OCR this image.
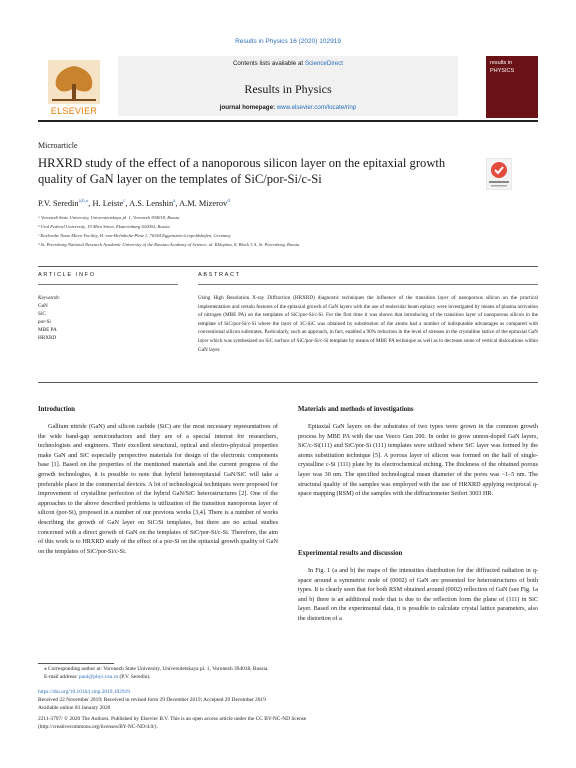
Results in Physics 16 (2020) 102919
ELSEVIER
Contents lists available at ScienceDirect
Results in Physics
journal homepage: www.elsevier.com/locate/rinp
results in
PHYSICS
Microarticle
HRXRD study of the effect of a nanoporous silicon layer on the epitaxial growth quality of GaN layer on the templates of SiC/por-Si/c-Si
P.V. Seredin$^{a,b,⁎}$, H. Leiste$^c$, A.S. Lenshin$^a$, A.M. Mizerov$^d$
ᵃ Voronezh State University, Universitetskaya pl. 1, Voronezh 394018, Russia
ᵇ Ural Federal University, 19 Mira Street, Ekaterinburg 620002, Russia
ᶜ Karlsruhe Nano Micro Facility, H.-von-Helmholtz-Platz 1, 76344 Eggenstein-Leopoldshafen, Germany
ᵈ St. Petersburg National Research Academic University of the Russian Academy of Science, ul. Khlopina, 8, Block 3 A, St. Petersburg, Russia
ARTICLE INFO	ABSTRACT
Keywords:
GaN
SiC
por-Si
MBE PA
HRXRD
Using High Resolution X-ray Diffraction (HRXRD) diagnostic techniques the influence of the transition layer of nanoporous silicon on the practical implementation and certain features of the epitaxial growth of GaN layers with the use of molecular beam epitaxy were investigated by means of plasma activation of nitrogen (MBE PA) on the templates of SiC/por-Si/c-Si. For the first time it was shown that introducing of the transition layer of nanoporous silicon in the template of SiC/por-Si/c-Si where the layer of 3C-SiC was obtained by substitution of the atoms had a number of indisputable advantages as compared with conventional silicon substrates. Particularly, such an approach, in fact, enabled a 90% reduction in the level of stresses in the crystalline lattice of the epitaxial GaN layer which was synthesized on SiC surface of SiC/por-Si/c-Si template by means of MBE PA technique as well as to decrease some of vertical dislocations within GaN layer.
Introduction
Gallium nitride (GaN) and silicon carbide (SiC) are the most necessary representatives of the wide band-gap semiconductors and they are of a special interest for researchers, technologists and engineers. Their excellent structural, optical and electro-physical properties make GaN and SiC especially perspective materials for design of the electronic components base [1]. Based on the properties of the mentioned materials and the current progress of the growth technologies, it is possible to note that hybrid heteroepitaxial GaN/SiC will take a preferable place in the commercial devices. A lot of technological techniques were proposed for improvement of crystalline perfection of the hybrid GaN/SiC heterostructures [2]. One of the approaches to the above described problems is utilization of the transition nanoporous layer of silicon (por-Si), proposed in a number of our previous works [3,4]. There is a number of works describing the growth of GaN layer on SiC/Si templates, but there are no actual studies concerned with a direct growth of GaN on the templates of SiC/por-Si/c-Si. Therefore, the aim of this work is to HRXRD study of the effect of a por-Si on the epitaxial growth quality of GaN on the templates of SiC/por-Si/c-Si.
Materials and methods of investigations
Epitaxial GaN layers on the substrates of two types were grown in the common growth process by MBE PA with the use Veeco Gen 200. In order to grow unnon-doped GaN layers, SiC/c-Si(111) and SiC/por-Si (111) templates were utilized where SiC layer was formed by the atoms substitution technique [5]. A porous layer of silicon was formed on the half of single-crystalline c-Si (111) plate by its electrochemical etching. The thickness of the obtained porous layer was 30 nm. The specified technological mean diameter of the pores was ~1–5 nm. The structural quality of the samples was employed with the use of HRXRD applying reciprocal q-space mapping (RSM) of the samples with the diffractometer Seifert 3003 HR.
Experimental results and discussion
In Fig. 1 (a and b) the maps of the intensities distribution for the diffracted radiation in q-space around a symmetric node of (0002) of GaN are presented for heterostructures of both types. It is clearly seen that for both RSM obtained around (0002) reflection of GaN (see Fig. 1a and b) there is an additional node that is due to the reflection form the plane of (111) in SiC layer. Based on the experimental data, it is possible to calculate crystal lattice parameters, also the distortion of a
⁎ Corresponding author at: Voronezh State University, Universitetskaya pl. 1, Voronezh 394018, Russia.
E-mail address: paul@phys.vsu.ru (P.V. Seredin).
https://doi.org/10.1016/j.rinp.2019.102919
Received 22 November 2019; Received in revised form 29 December 2019; Accepted 29 December 2019
Available online 03 January 2020
2211-3797/ © 2020 The Authors. Published by Elsevier B.V. This is an open access article under the CC BY-NC-ND license
(http://creativecommons.org/licenses/BY-NC-ND/4.0/).
